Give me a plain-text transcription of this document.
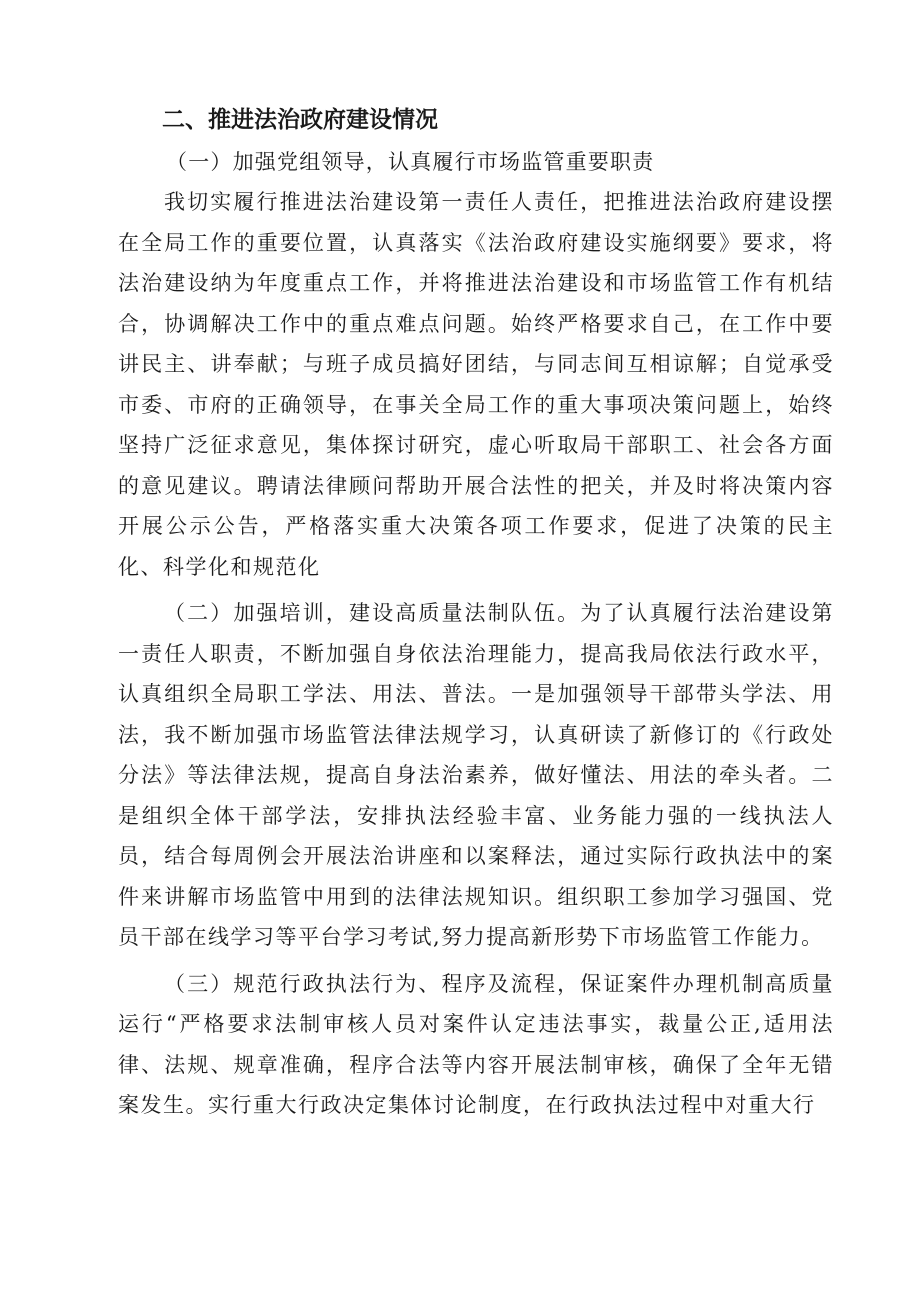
二、推进法治政府建设情况

（一）加强党组领导，认真履行市场监管重要职责

我切实履行推进法治建设第一责任人责任，把推进法治政府建设摆在全局工作的重要位置，认真落实《法治政府建设实施纲要》要求，将法治建设纳为年度重点工作，并将推进法治建设和市场监管工作有机结合，协调解决工作中的重点难点问题。始终严格要求自己，在工作中要讲民主、讲奉献；与班子成员搞好团结，与同志间互相谅解；自觉承受市委、市府的正确领导，在事关全局工作的重大事项决策问题上，始终坚持广泛征求意见，集体探讨研究，虚心听取局干部职工、社会各方面的意见建议。聘请法律顾问帮助开展合法性的把关，并及时将决策内容开展公示公告，严格落实重大决策各项工作要求，促进了决策的民主化、科学化和规范化

（二）加强培训，建设高质量法制队伍。为了认真履行法治建设第一责任人职责，不断加强自身依法治理能力，提高我局依法行政水平，认真组织全局职工学法、用法、普法。一是加强领导干部带头学法、用法，我不断加强市场监管法律法规学习，认真研读了新修订的《行政处分法》等法律法规，提高自身法治素养，做好懂法、用法的牵头者。二是组织全体干部学法，安排执法经验丰富、业务能力强的一线执法人员，结合每周例会开展法治讲座和以案释法，通过实际行政执法中的案件来讲解市场监管中用到的法律法规知识。组织职工参加学习强国、党员干部在线学习等平台学习考试,努力提高新形势下市场监管工作能力。

（三）规范行政执法行为、程序及流程，保证案件办理机制高质量运行“严格要求法制审核人员对案件认定违法事实，裁量公正,适用法律、法规、规章准确，程序合法等内容开展法制审核，确保了全年无错案发生。实行重大行政决定集体讨论制度，在行政执法过程中对重大行
